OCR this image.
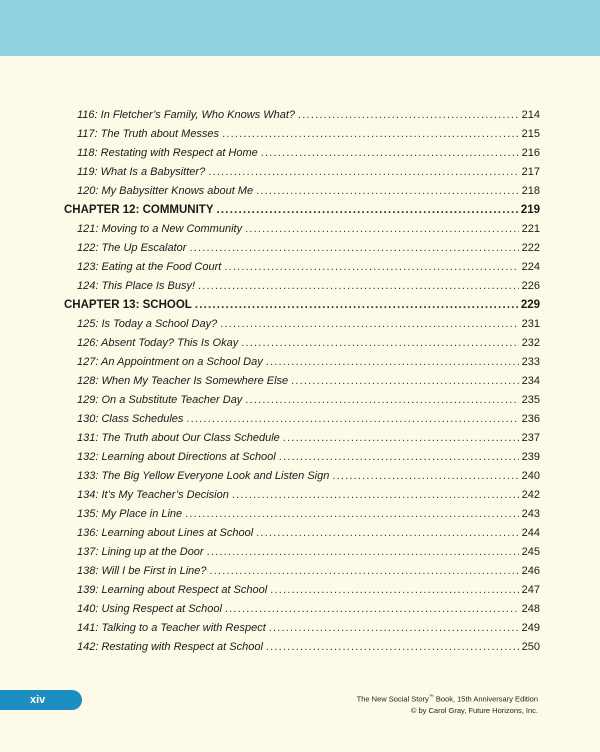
116: In Fletcher’s Family, Who Knows What? .....	214
117: The Truth about Messes .....	215
118: Restating with Respect at Home .....	216
119: What Is a Babysitter? .....	217
120: My Babysitter Knows about Me .....	218
CHAPTER 12: COMMUNITY .....	219
121: Moving to a New Community .....	221
122: The Up Escalator .....	222
123: Eating at the Food Court .....	224
124: This Place Is Busy! .....	226
CHAPTER 13: SCHOOL .....	229
125: Is Today a School Day? .....	231
126: Absent Today? This Is Okay .....	232
127: An Appointment on a School Day .....	233
128: When My Teacher Is Somewhere Else .....	234
129: On a Substitute Teacher Day .....	235
130: Class Schedules .....	236
131: The Truth about Our Class Schedule .....	237
132: Learning about Directions at School .....	239
133: The Big Yellow Everyone Look and Listen Sign .....	240
134: It’s My Teacher’s Decision .....	242
135: My Place in Line .....	243
136: Learning about Lines at School .....	244
137: Lining up at the Door .....	245
138: Will I be First in Line? .....	246
139: Learning about Respect at School .....	247
140: Using Respect at School .....	248
141: Talking to a Teacher with Respect .....	249
142: Restating with Respect at School .....	250
xiv	The New Social Story™ Book, 15th Anniversary Edition
© by Carol Gray, Future Horizons, Inc.
